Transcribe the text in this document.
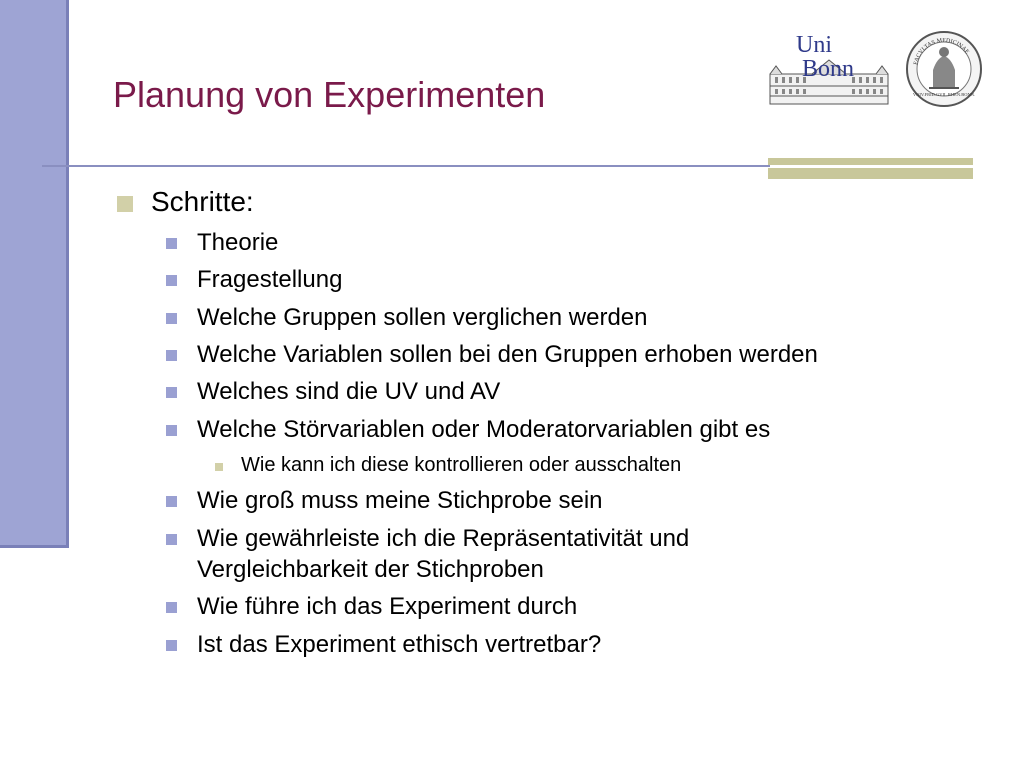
Planung von Experimenten
Uni
Bonn	FACVLTAS MEDICINAE
VNIV.FRID.GVIL.RHEN.BONN.
Schritte:
Theorie
Fragestellung
Welche Gruppen sollen verglichen werden
Welche Variablen sollen bei den Gruppen erhoben werden
Welches sind die UV und AV
Welche Störvariablen oder Moderatorvariablen gibt es
Wie kann ich diese kontrollieren oder ausschalten
Wie groß muss meine Stichprobe sein
Wie gewährleiste ich die Repräsentativität und
Vergleichbarkeit der Stichproben
Wie führe ich das Experiment durch
Ist das Experiment ethisch vertretbar?
